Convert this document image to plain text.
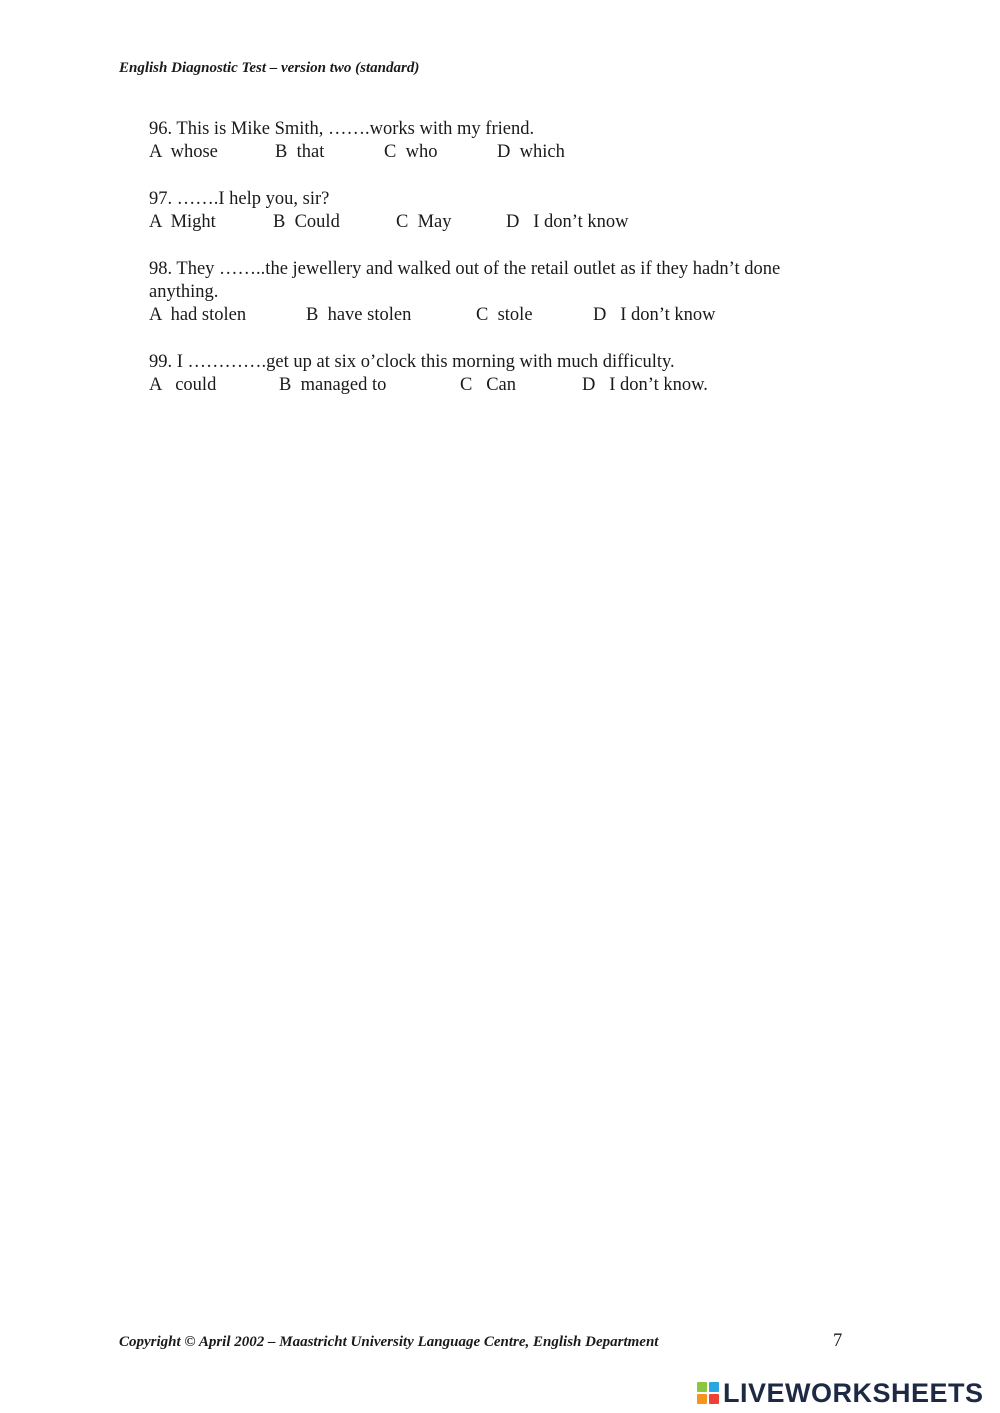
English Diagnostic Test – version two (standard)
96. This is Mike Smith, …….works with my friend.
A  whose	B  that	C  who	D  which
97. …….I help you, sir?
A  Might	B  Could	C  May	D   I don’t know
98. They ……..the jewellery and walked out of the retail outlet as if they hadn’t done anything.
A  had stolen	B  have stolen	C  stole	D   I don’t know
99. I ………….get up at six o’clock this morning with much difficulty.
A   could	B  managed to	C   Can	D   I don’t know.
Copyright © April 2002 – Maastricht University Language Centre, English Department	7
LIVEWORKSHEETS
